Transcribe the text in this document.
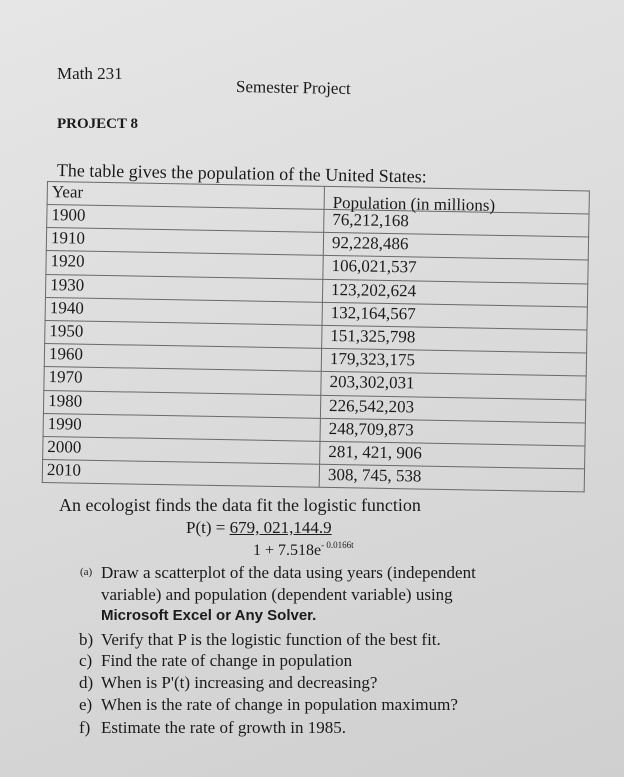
Math 231
Semester Project
PROJECT 8
The table gives the population of the United States:
Year	Population (in millions)
1900	76,212,168
1910	92,228,486
1920	106,021,537
1930	123,202,624
1940	132,164,567
1950	151,325,798
1960	179,323,175
1970	203,302,031
1980	226,542,203
1990	248,709,873
2000	281, 421, 906
2010	308, 745, 538
An ecologist finds the data fit the logistic function
P(t) = 679, 021,144.9
$1 + 7.518e^{- 0.0166t}$
(a) Draw a scatterplot of the data using years (independent
variable) and population (dependent variable) using
Microsoft Excel or Any Solver.
b) Verify that P is the logistic function of the best fit.
c) Find the rate of change in population
d) When is P'(t) increasing and decreasing?
e) When is the rate of change in population maximum?
f) Estimate the rate of growth in 1985.
